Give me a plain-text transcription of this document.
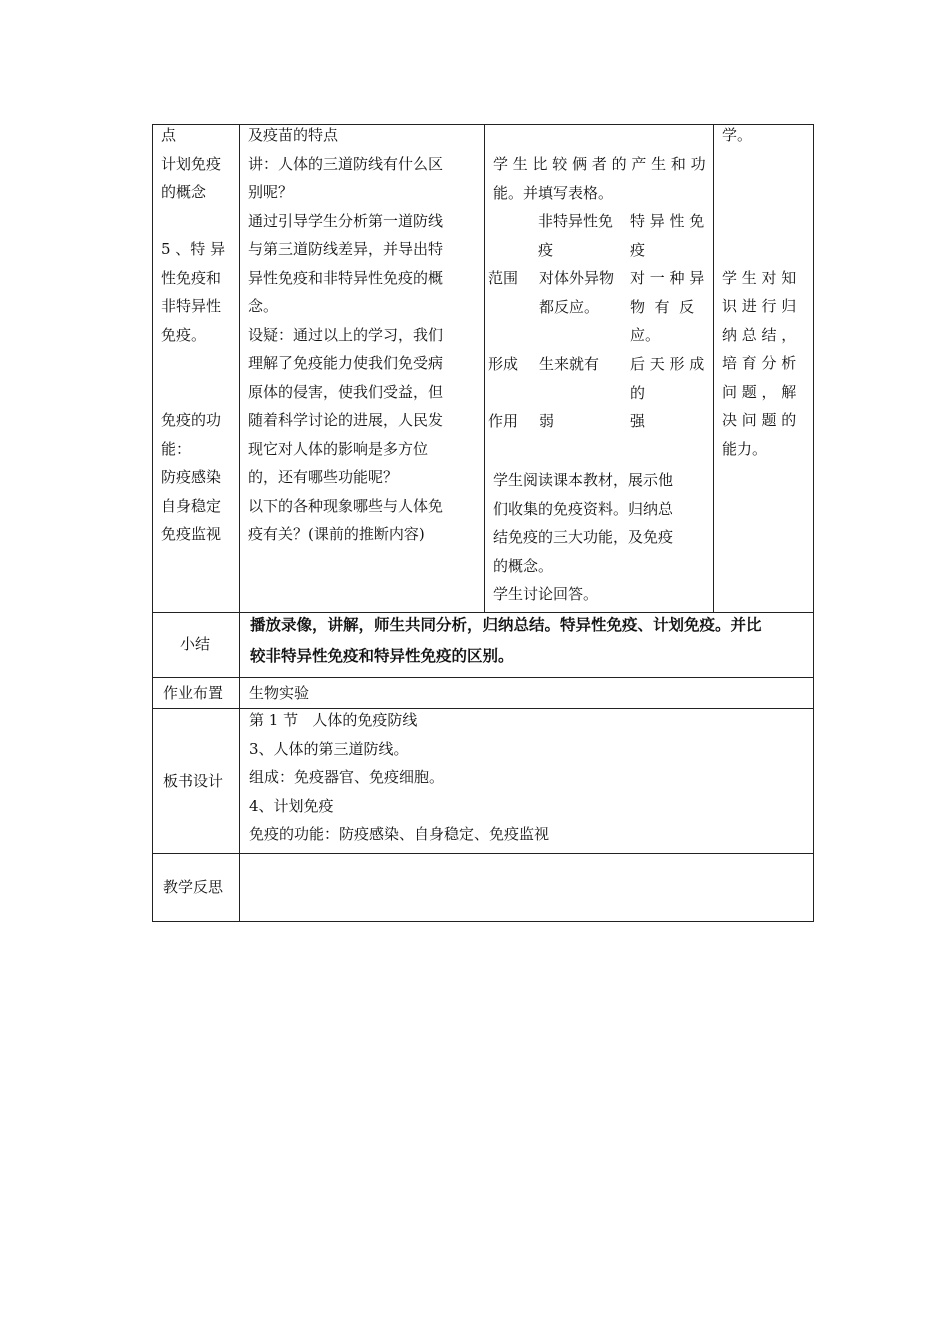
点
计划免疫
的概念

5 、特 异
性免疫和
非特异性
免疫。

免疫的功
能：
防疫感染
自身稳定
免疫监视
及疫苗的特点
讲：人体的三道防线有什么区
别呢？
通过引导学生分析第一道防线
与第三道防线差异，并导出特
异性免疫和非特异性免疫的概
念。
设疑：通过以上的学习，我们
理解了免疫能力使我们免受病
原体的侵害，使我们受益，但
随着科学讨论的进展，人民发
现它对人体的影响是多方位
的，还有哪些功能呢？
以下的各种现象哪些与人体免
疫有关？(课前的推断内容)
学 生 比 较 俩 者 的 产 生 和 功
能。并填写表格。
非特异性免
疫
特 异 性 免
疫
范围 对体外异物
都反应。
对 一 种 异
物  有  反
应。
形成 生来就有 后 天 形 成
的
作用 弱	强
学生阅读课本教材，展示他
们收集的免疫资料。归纳总
结免疫的三大功能，及免疫
的概念。
学生讨论回答。
学。

学 生 对 知
识 进 行 归
纳 总 结 ，
培 育 分 析
问 题 ， 解
决 问 题 的
能力。
小结
播放录像，讲解，师生共同分析，归纳总结。特异性免疫、计划免疫。并比
较非特异性免疫和特异性免疫的区别。
作业布置 生物实验
板书设计
第 1 节   人体的免疫防线
3、人体的第三道防线。
组成：免疫器官、免疫细胞。
4、计划免疫
免疫的功能：防疫感染、自身稳定、免疫监视
教学反思
